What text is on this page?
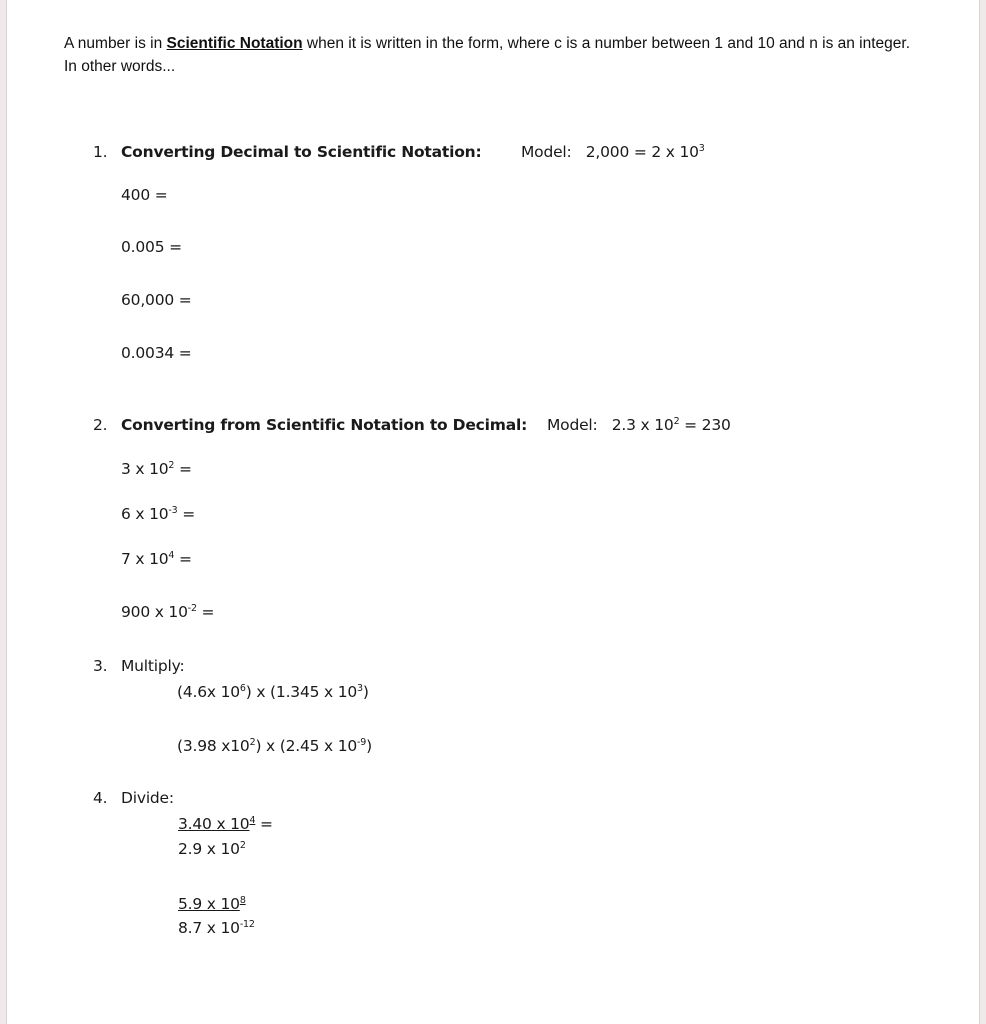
A number is in Scientific Notation when it is written in the form, where c is a number between 1 and 10 and n is an integer. In other words...
1. Converting Decimal to Scientific Notation:	Model: 2,000 = 2 x $10^3$
400 =
0.005 =
60,000 =
0.0034 =
2. Converting from Scientific Notation to Decimal: Model: 2.3 x $10^2 = 230$
3 x $10^2$ =
6 x $10^{-3}$ =
7 x $10^4$ =
900 x $10^{-2}$ =
3. Multiply:
(4.6x $10^6$) x (1.345 x $10^3$)
(3.98 $x10^2$) x (2.45 x $10^{-9}$)
4. Divide:
3.40 x $10^4$ =
2.9 x $10^2$
5.9 x $10^8$
8.7 x $10^{-12}$
